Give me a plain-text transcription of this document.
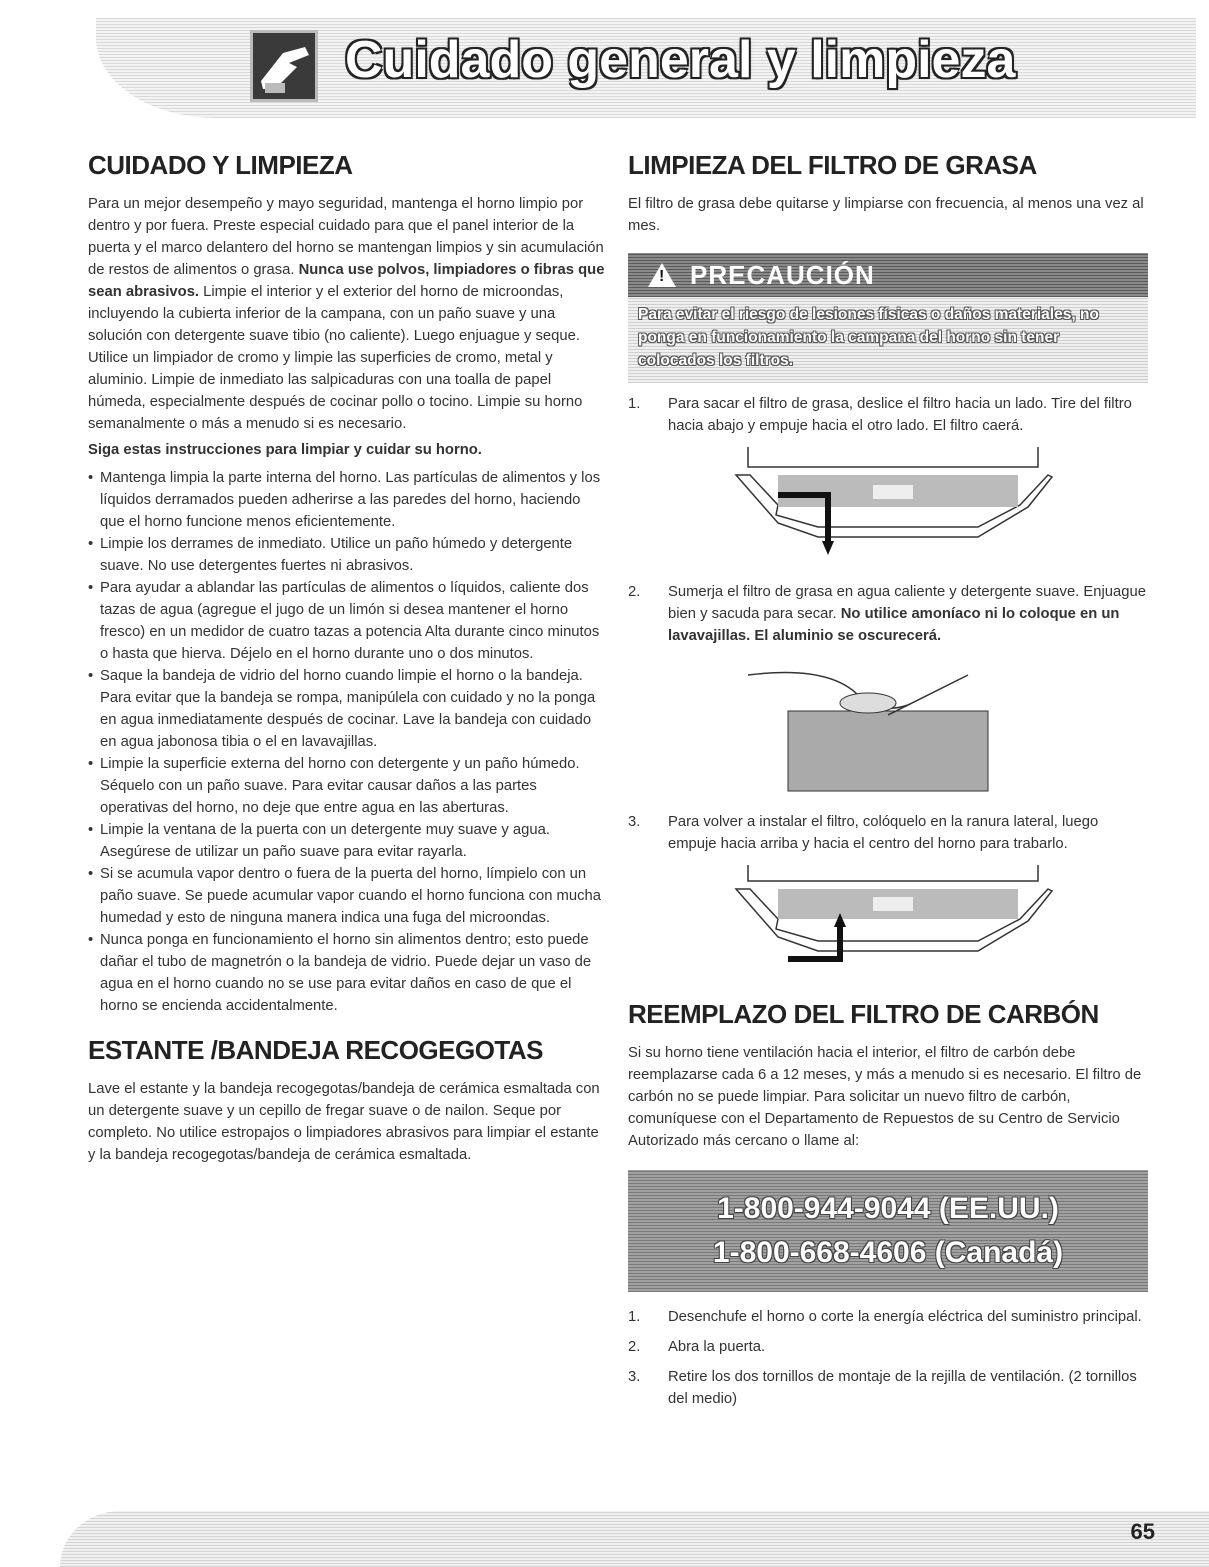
Cuidado general y limpieza
CUIDADO Y LIMPIEZA

Para un mejor desempeño y mayo seguridad, mantenga el horno limpio por dentro y por fuera. Preste especial cuidado para que el panel interior de la puerta y el marco delantero del horno se mantengan limpios y sin acumulación de restos de alimentos o grasa. Nunca use polvos, limpiadores o fibras que sean abrasivos. Limpie el interior y el exterior del horno de microondas, incluyendo la cubierta inferior de la campana, con un paño suave y una solución con detergente suave tibio (no caliente). Luego enjuague y seque. Utilice un limpiador de cromo y limpie las superficies de cromo, metal y aluminio. Limpie de inmediato las salpicaduras con una toalla de papel húmeda, especialmente después de cocinar pollo o tocino. Limpie su horno semanalmente o más a menudo si es necesario.

Siga estas instrucciones para limpiar y cuidar su horno.

• Mantenga limpia la parte interna del horno. Las partículas de alimentos y los líquidos derramados pueden adherirse a las paredes del horno, haciendo que el horno funcione menos eficientemente.
• Limpie los derrames de inmediato. Utilice un paño húmedo y detergente suave. No use detergentes fuertes ni abrasivos.
• Para ayudar a ablandar las partículas de alimentos o líquidos, caliente dos tazas de agua (agregue el jugo de un limón si desea mantener el horno fresco) en un medidor de cuatro tazas a potencia Alta durante cinco minutos o hasta que hierva. Déjelo en el horno durante uno o dos minutos.
• Saque la bandeja de vidrio del horno cuando limpie el horno o la bandeja. Para evitar que la bandeja se rompa, manipúlela con cuidado y no la ponga en agua inmediatamente después de cocinar. Lave la bandeja con cuidado en agua jabonosa tibia o el en lavavajillas.
• Limpie la superficie externa del horno con detergente y un paño húmedo. Séquelo con un paño suave. Para evitar causar daños a las partes operativas del horno, no deje que entre agua en las aberturas.
• Limpie la ventana de la puerta con un detergente muy suave y agua. Asegúrese de utilizar un paño suave para evitar rayarla.
• Si se acumula vapor dentro o fuera de la puerta del horno, límpielo con un paño suave. Se puede acumular vapor cuando el horno funciona con mucha humedad y esto de ninguna manera indica una fuga del microondas.
• Nunca ponga en funcionamiento el horno sin alimentos dentro; esto puede dañar el tubo de magnetrón o la bandeja de vidrio. Puede dejar un vaso de agua en el horno cuando no se use para evitar daños en caso de que el horno se encienda accidentalmente.
ESTANTE /BANDEJA RECOGEGOTAS

Lave el estante y la bandeja recogegotas/bandeja de cerámica esmaltada con un detergente suave y un cepillo de fregar suave o de nailon. Seque por completo. No utilice estropajos o limpiadores abrasivos para limpiar el estante y la bandeja recogegotas/bandeja de cerámica esmaltada.

LIMPIEZA DEL FILTRO DE GRASA

El filtro de grasa debe quitarse y limpiarse con frecuencia, al menos una vez al mes.

! PRECAUCIÓN
Para evitar el riesgo de lesiones físicas o daños materiales, no ponga en funcionamiento la campana del horno sin tener colocados los filtros.
1. Para sacar el filtro de grasa, deslice el filtro hacia un lado. Tire del filtro hacia abajo y empuje hacia el otro lado. El filtro caerá.
2. Sumerja el filtro de grasa en agua caliente y detergente suave. Enjuague bien y sacuda para secar. No utilice amoníaco ni lo coloque en un lavavajillas. El aluminio se oscurecerá.
3. Para volver a instalar el filtro, colóquelo en la ranura lateral, luego empuje hacia arriba y hacia el centro del horno para trabarlo.
REEMPLAZO DEL FILTRO DE CARBÓN

Si su horno tiene ventilación hacia el interior, el filtro de carbón debe reemplazarse cada 6 a 12 meses, y más a menudo si es necesario. El filtro de carbón no se puede limpiar. Para solicitar un nuevo filtro de carbón, comuníquese con el Departamento de Repuestos de su Centro de Servicio Autorizado más cercano o llame al:

1-800-944-9044 (EE.UU.)
1-800-668-4606 (Canadá)
1. Desenchufe el horno o corte la energía eléctrica del suministro principal.
2. Abra la puerta.
3. Retire los dos tornillos de montaje de la rejilla de ventilación. (2 tornillos del medio)
65
